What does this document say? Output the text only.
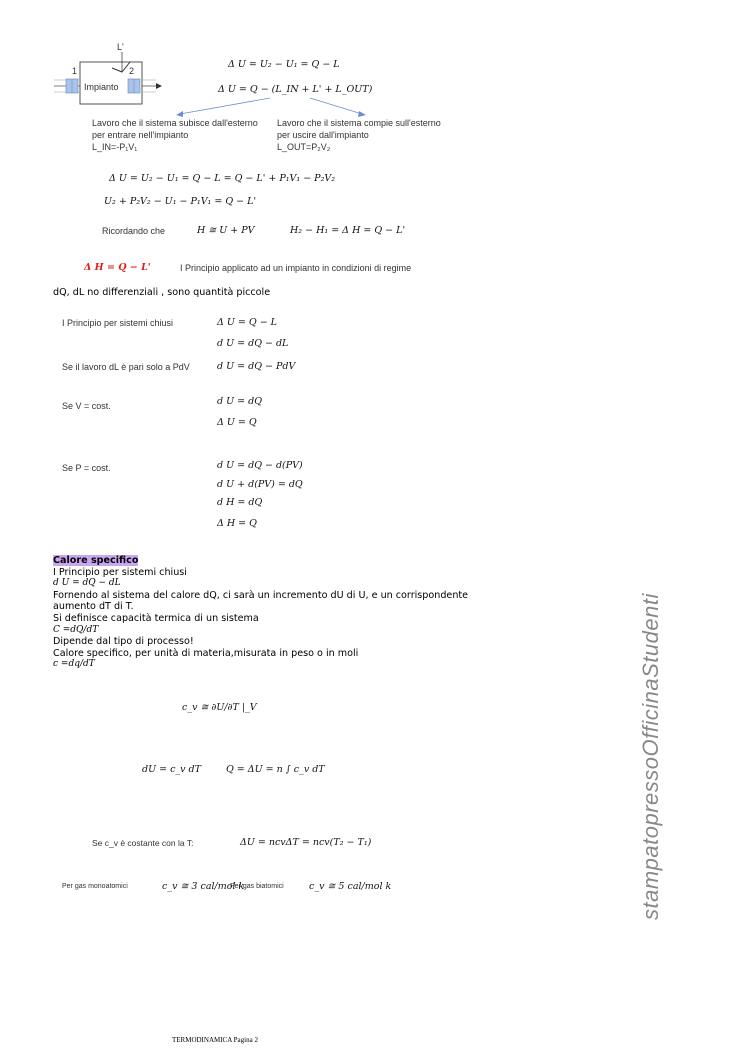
L'
1	2
Impianto
Δ U = U₂ − U₁ = Q − L
Δ U = Q − (L_IN + L' + L_OUT)
Lavoro che il sistema subisce dall'esterno
per entrare nell'impianto
L_IN=-P₁V₁
Lavoro che il sistema compie sull'esterno
per uscire dall'impianto
L_OUT=P₂V₂
Δ U = U₂ − U₁ = Q − L = Q − L' + P₁V₁ − P₂V₂
U₂ + P₂V₂ − U₁ − P₁V₁ = Q − L'
Ricordando che	H ≅ U + PV	H₂ − H₁ = Δ H = Q − L'
Δ H = Q − L'	I Principio applicato ad un impianto in condizioni di regime
dQ, dL no differenziali , sono quantità piccole
I Principio per sistemi chiusi	Δ U = Q − L
d U = dQ − dL
Se il lavoro dL è pari solo a PdV	d U = dQ − PdV
Se V = cost.	d U = dQ
Δ U = Q
Se P = cost.	d U = dQ − d(PV)
d U + d(PV) = dQ
d H = dQ
Δ H = Q
Calore specifico
I Principio per sistemi chiusi
d U = dQ − dL
Fornendo al sistema del calore dQ, ci sarà un incremento dU di U, e un corrispondente
aumento dT di T.
Si definisce capacità termica di un sistema
C =dQ/dT
Dipende dal tipo di processo!
Calore specifico, per unità di materia,misurata in peso o in moli
c =dq/dT
c_v ≅ ∂U/∂T |_V
dU = c_v dT	Q = ΔU = n ∫ c_v dT
Se c_v è costante con la T:	ΔU = ncvΔT = ncv(T₂ − T₁)
Per gas monoatomici	c_v ≅ 3 cal/mol k
Per gas biatomici	c_v ≅ 5 cal/mol k	stampatopressoOfficinaStudenti
TERMODINAMICA Pagina 2
